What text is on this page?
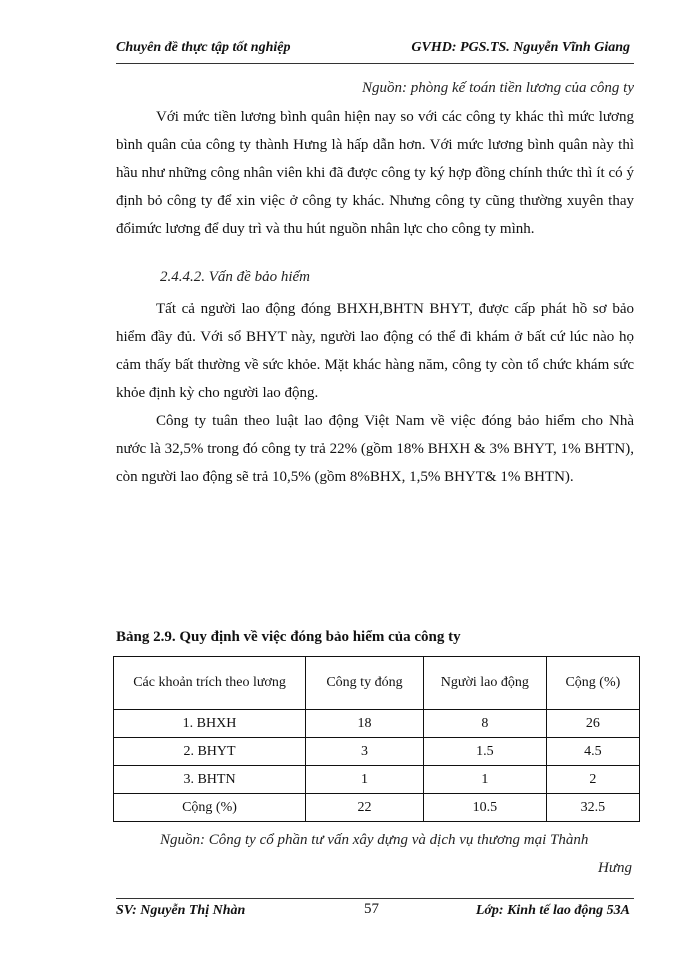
Chuyên đề thực tập tốt nghiệp	GVHD: PGS.TS. Nguyễn Vĩnh Giang
Nguồn: phòng kế toán tiền lương của công ty
Với mức tiền lương bình quân hiện nay so với các công ty khác thì mức lương bình quân của công ty thành Hưng là hấp dẫn hơn. Với mức lương bình quân này thì hầu như những công nhân viên khi đã được công ty ký hợp đồng chính thức thì ít có ý định bỏ công ty để xin việc ở công ty khác. Nhưng công ty cũng thường xuyên thay đổimức lương để duy trì và thu hút nguồn nhân lực cho công ty mình.
2.4.4.2. Vấn đề bảo hiểm
Tất cả người lao động đóng BHXH,BHTN BHYT, được cấp phát hồ sơ bảo hiểm đầy đủ. Với sổ BHYT này, người lao động có thể đi khám ở bất cứ lúc nào họ cảm thấy bất thường về sức khỏe. Mặt khác hàng năm, công ty còn tổ chức khám sức khỏe định kỳ cho người lao động.
Công ty tuân theo luật lao động Việt Nam về việc đóng bảo hiểm cho Nhà nước là 32,5% trong đó công ty trả 22% (gồm 18% BHXH & 3% BHYT, 1% BHTN), còn người lao động sẽ trả 10,5% (gồm 8%BHX, 1,5% BHYT& 1% BHTN).
Bảng 2.9. Quy định về việc đóng bảo hiểm của công ty
Các khoản trích theo lương	Công ty đóng	Người lao động	Cộng (%)
1. BHXH	18	8	26
2. BHYT	3	1.5	4.5
3. BHTN	1	1	2
Cộng (%)	22	10.5	32.5
Nguồn: Công ty cổ phần tư vấn xây dựng và dịch vụ thương mại Thành
Hưng
SV: Nguyễn Thị Nhàn	57	Lớp: Kinh tế lao động 53A
